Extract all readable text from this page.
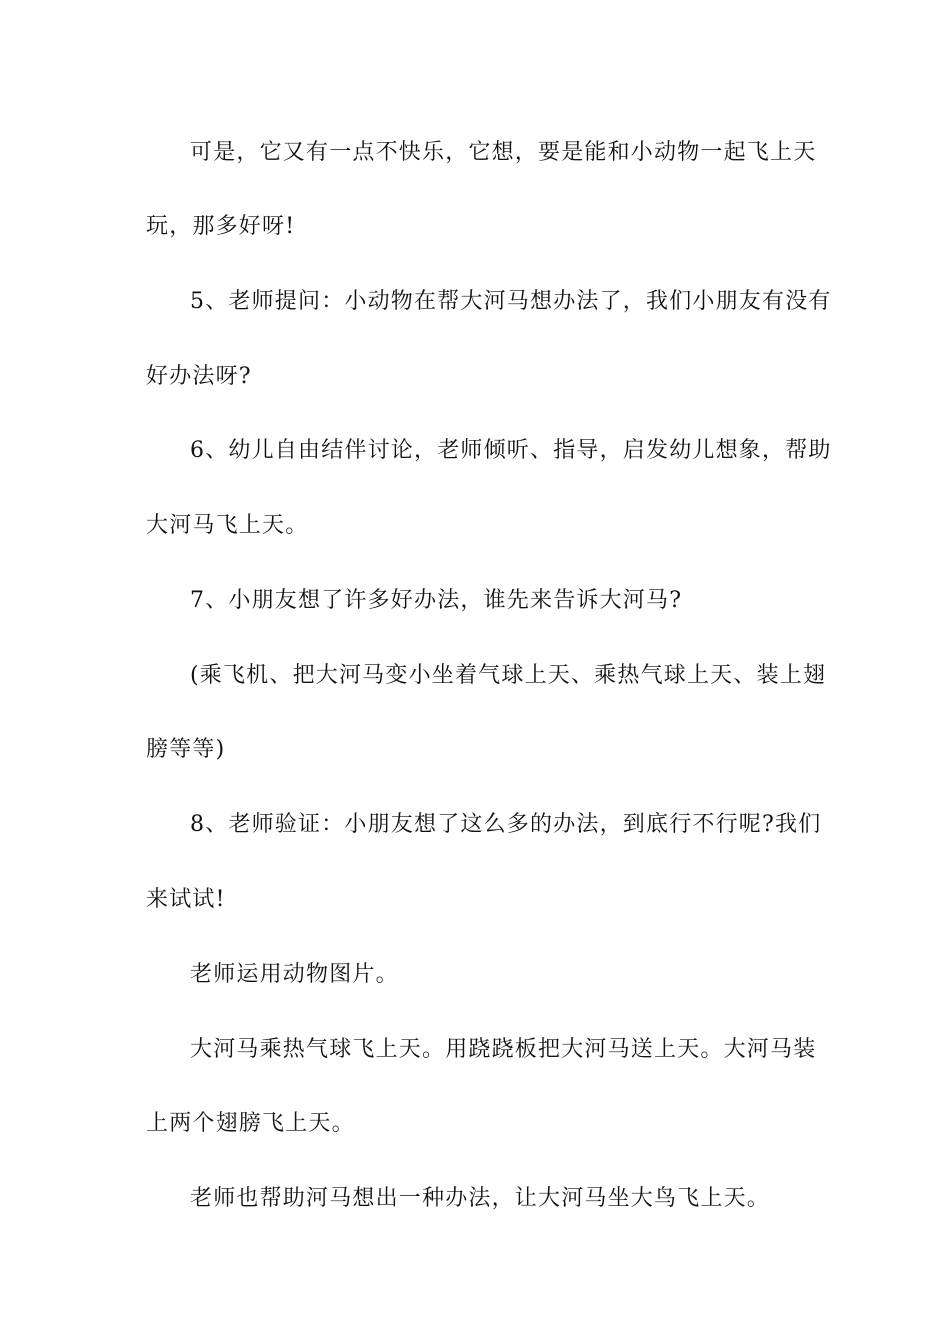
可是，它又有一点不快乐，它想，要是能和小动物一起飞上天
玩，那多好呀!
5、老师提问：小动物在帮大河马想办法了，我们小朋友有没有
好办法呀?
6、幼儿自由结伴讨论，老师倾听、指导，启发幼儿想象，帮助
大河马飞上天。
7、小朋友想了许多好办法，谁先来告诉大河马?
(乘飞机、把大河马变小坐着气球上天、乘热气球上天、装上翅
膀等等)
8、老师验证：小朋友想了这么多的办法，到底行不行呢?我们
来试试!
老师运用动物图片。
大河马乘热气球飞上天。用跷跷板把大河马送上天。大河马装
上两个翅膀飞上天。
老师也帮助河马想出一种办法，让大河马坐大鸟飞上天。
